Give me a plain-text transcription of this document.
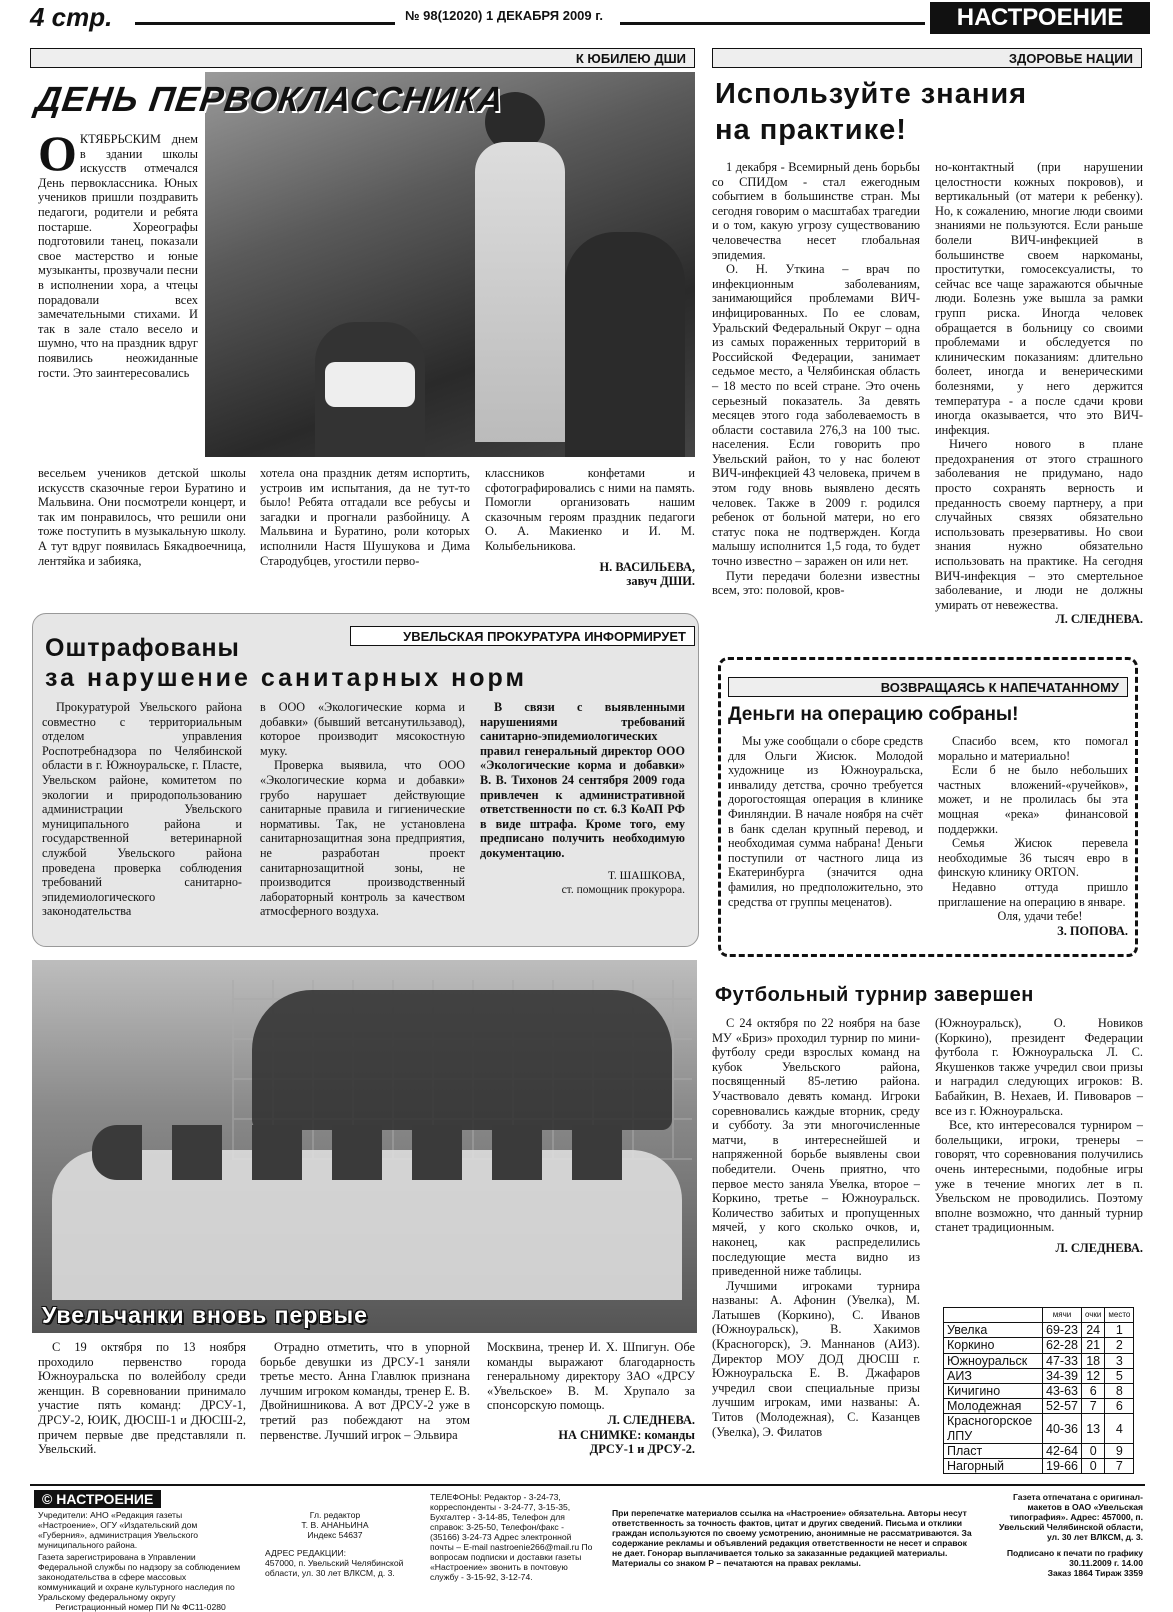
4 стр.	№ 98(12020) 1 ДЕКАБРЯ 2009 г.	НАСТРОЕНИЕ
К ЮБИЛЕЮ ДШИ
ДЕНЬ ПЕРВОКЛАССНИКА
ОКТЯБРЬСКИМ днем в здании школы искусств отмечался День первоклассника. Юных учеников пришли поздравить педагоги, родители и ребята постарше. Хореографы подготовили танец, показали свое мастерство и юные музыканты, прозвучали песни в исполнении хора, а чтецы порадовали всех замечательными стихами. И так в зале стало весело и шумно, что на праздник вдруг появились неожиданные гости. Это заинтересовались

весельем учеников детской школы искусств сказочные герои Буратино и Мальвина. Они посмотрели концерт, и так им понравилось, что решили они тоже поступить в музыкальную школу. А тут вдруг появилась Бякадвоечница, лентяйка и забияка,

хотела она праздник детям испортить, устроив им испытания, да не тут-то было! Ребята отгадали все ребусы и загадки и прогнали разбойницу. А Мальвина и Буратино, роли которых исполнили Настя Шушукова и Дима Стародубцев, угостили перво-

классников конфетами и сфотографировались с ними на память. Помогли организовать нашим сказочным героям праздник педагоги О. А. Макиенко и И. М. Колыбельникова.

Н. ВАСИЛЬЕВА,
завуч ДШИ.
УВЕЛЬСКАЯ ПРОКУРАТУРА ИНФОРМИРУЕТ
Оштрафованы
за нарушение санитарных норм

Прокуратурой Увельского района совместно с территориальным отделом управления Роспотребнадзора по Челябинской области в г. Южноуральске, г. Пласте, Увельском районе, комитетом по экологии и природопользованию администрации Увельского муниципального района и государственной ветеринарной службой Увельского района проведена проверка соблюдения требований санитарно-эпидемиологического законодательства

в ООО «Экологические корма и добавки» (бывший ветсанутильзавод), которое производит мясокостную муку.

Проверка выявила, что ООО «Экологические корма и добавки» грубо нарушает действующие санитарные правила и гигиенические нормативы. Так, не установлена санитарнозащитная зона предприятия, не разработан проект санитарнозащитной зоны, не производится производственный лабораторный контроль за качеством атмосферного воздуха.

В связи с выявленными нарушениями требований санитарно-эпидемиологических правил генеральный директор ООО «Экологические корма и добавки» В. В. Тихонов 24 сентября 2009 года привлечен к административной ответственности по ст. 6.3 КоАП РФ в виде штрафа. Кроме того, ему предписано получить необходимую документацию.

Т. ШАШКОВА,
ст. помощник прокурора.
Увельчанки вновь первые

С 19 октября по 13 ноября проходило первенство города Южноуральска по волейболу среди женщин. В соревновании принимало участие пять команд: ДРСУ-1, ДРСУ-2, ЮИК, ДЮСШ-1 и ДЮСШ-2, причем первые две представляли п. Увельский.

Отрадно отметить, что в упорной борьбе девушки из ДРСУ-1 заняли третье место. Анна Главлюк признана лучшим игроком команды, тренер Е. В. Двойнишникова. А вот ДРСУ-2 уже в третий раз побеждают на этом первенстве. Лучший игрок – Эльвира

Москвина, тренер И. Х. Шпигун. Обе команды выражают благодарность генеральному директору ЗАО «ДРСУ «Увельское» В. М. Хрупало за спонсорскую помощь.

Л. СЛЕДНЕВА.
НА СНИМКЕ: команды
ДРСУ-1 и ДРСУ-2.
ЗДОРОВЬЕ НАЦИИ
Используйте знания
на практике!

1 декабря - Всемирный день борьбы со СПИДом - стал ежегодным событием в большинстве стран. Мы сегодня говорим о масштабах трагедии и о том, какую угрозу существованию человечества несет глобальная эпидемия.

О. Н. Уткина – врач по инфекционным заболеваниям, занимающийся проблемами ВИЧ-инфицированных. По ее словам, Уральский Федеральный Округ – одна из самых пораженных территорий в Российской Федерации, занимает седьмое место, а Челябинская область – 18 место по всей стране. Это очень серьезный показатель. За девять месяцев этого года заболеваемость в области составила 276,3 на 100 тыс. населения. Если говорить про Увельский район, то у нас болеют ВИЧ-инфекцией 43 человека, причем в этом году вновь выявлено десять человек. Также в 2009 г. родился ребенок от больной матери, но его статус пока не подтвержден. Когда малышу исполнится 1,5 года, то будет точно известно – заражен он или нет.

Пути передачи болезни известны всем, это: половой, кров-

но-контактный (при нарушении целостности кожных покровов), и вертикальный (от матери к ребенку). Но, к сожалению, многие люди своими знаниями не пользуются. Если раньше болели ВИЧ-инфекцией в большинстве своем наркоманы, проститутки, гомосексуалисты, то сейчас все чаще заражаются обычные люди. Болезнь уже вышла за рамки групп риска. Иногда человек обращается в больницу со своими проблемами и обследуется по клиническим показаниям: длительно болеет, иногда и венерическими болезнями, у него держится температура - а после сдачи крови иногда оказывается, что это ВИЧ-инфекция.

Ничего нового в плане предохранения от этого страшного заболевания не придумано, надо просто сохранять верность и преданность своему партнеру, а при случайных связях обязательно использовать презервативы. Но свои знания нужно обязательно использовать на практике. На сегодня ВИЧ-инфекция – это смертельное заболевание, и люди не должны умирать от невежества.

Л. СЛЕДНЕВА.
ВОЗВРАЩАЯСЬ К НАПЕЧАТАННОМУ
Деньги на операцию собраны!

Мы уже сообщали о сборе средств для Ольги Жисюк. Молодой художнице из Южноуральска, инвалиду детства, срочно требуется дорогостоящая операция в клинике Финляндии. В начале ноября на счёт в банк сделан крупный перевод, и необходимая сумма набрана! Деньги поступили от частного лица из Екатеринбурга (значится одна фамилия, но предположительно, это средства от группы меценатов).

Спасибо всем, кто помогал морально и материально!

Если б не было небольших частных вложений-«ручейков», может, и не пролилась бы эта мощная «река» финансовой поддержки.

Семья Жисюк перевела необходимые 36 тысяч евро в финскую клинику ORTON.

Недавно оттуда пришло приглашение на операцию в январе.

Оля, удачи тебе!

З. ПОПОВА.
Футбольный турнир завершен

С 24 октября по 22 ноября на базе МУ «Бриз» проходил турнир по мини-футболу среди взрослых команд на кубок Увельского района, посвященный 85-летию района. Участвовало девять команд. Игроки соревновались каждые вторник, среду и субботу. За эти многочисленные матчи, в интереснейшей и напряженной борьбе выявлены свои победители. Очень приятно, что первое место заняла Увелка, второе – Коркино, третье – Южноуральск. Количество забитых и пропущенных мячей, у кого сколько очков, и, наконец, как распределились последующие места видно из приведенной ниже таблицы.

Лучшими игроками турнира названы: А. Афонин (Увелка), М. Латышев (Коркино), С. Иванов (Южноуральск), В. Хакимов (Красногорск), Э. Маннанов (АИЗ). Директор МОУ ДОД ДЮСШ г. Южноуральска Е. В. Джафаров учредил свои специальные призы лучшим игрокам, ими названы: А. Титов (Молодежная), С. Казанцев (Увелка), Э. Филатов

(Южноуральск), О. Новиков (Коркино), президент Федерации футбола г. Южноуральска Л. С. Якушенков также учредил свои призы и наградил следующих игроков: В. Бабайкин, В. Нехаев, И. Пивоваров – все из г. Южноуральска.

Все, кто интересовался турниром – болельщики, игроки, тренеры – говорят, что соревнования получились очень интересными, подобные игры уже в течение многих лет в п. Увельском не проводились. Поэтому вполне возможно, что данный турнир станет традиционным.

Л. СЛЕДНЕВА.
	мячи	очки	место
Увелка	69-23	24	1
Коркино	62-28	21	2
Южноуральск	47-33	18	3
АИЗ	34-39	12	5
Кичигино	43-63	6	8
Молодежная	52-57	7	6
Красногорское ЛПУ	40-36	13	4
Пласт	42-64	0	9
Нагорный	19-66	0	7
© НАСТРОЕНИЕ
Учредители: АНО «Редакция газеты «Настроение», ОГУ «Издательский дом «Губерния», администрация Увельского муниципального района.
Газета зарегистрирована в Управлении Федеральной службы по надзору за соблюдением законодательства в сфере массовых коммуникаций и охране культурного наследия по Уральскому федеральному округу
Регистрационный номер ПИ № ФС11-0280
Гл. редактор
Т. В. АНАНЬИНА
Индекс 54637
АДРЕС РЕДАКЦИИ:
457000, п. Увельский Челябинской области, ул. 30 лет ВЛКСМ, д. 3.
ТЕЛЕФОНЫ: Редактор - 3-24-73, корреспонденты - 3-24-77, 3-15-35, Бухгалтер - 3-14-85, Телефон для справок: 3-25-50, Телефон/факс - (35166) 3-24-73 Адрес электронной почты – E-mail nastroenie266@mail.ru По вопросам подписки и доставки газеты «Настроение» звонить в почтовую службу - 3-15-92, 3-12-74.
При перепечатке материалов ссылка на «Настроение» обязательна. Авторы несут ответственность за точность фактов, цитат и других сведений. Письма и отклики граждан используются по своему усмотрению, анонимные не рассматриваются. За содержание рекламы и объявлений редакция ответственности не несет и справок не дает. Гонорар выплачивается только за заказанные редакцией материалы. Материалы со знаком Р – печатаются на правах рекламы.
Газета отпечатана с оригинал-макетов в ОАО «Увельская типография». Адрес: 457000, п. Увельский Челябинской области, ул. 30 лет ВЛКСМ, д. 3.
Подписано к печати по графику 30.11.2009 г. 14.00
Заказ 1864 Тираж 3359
